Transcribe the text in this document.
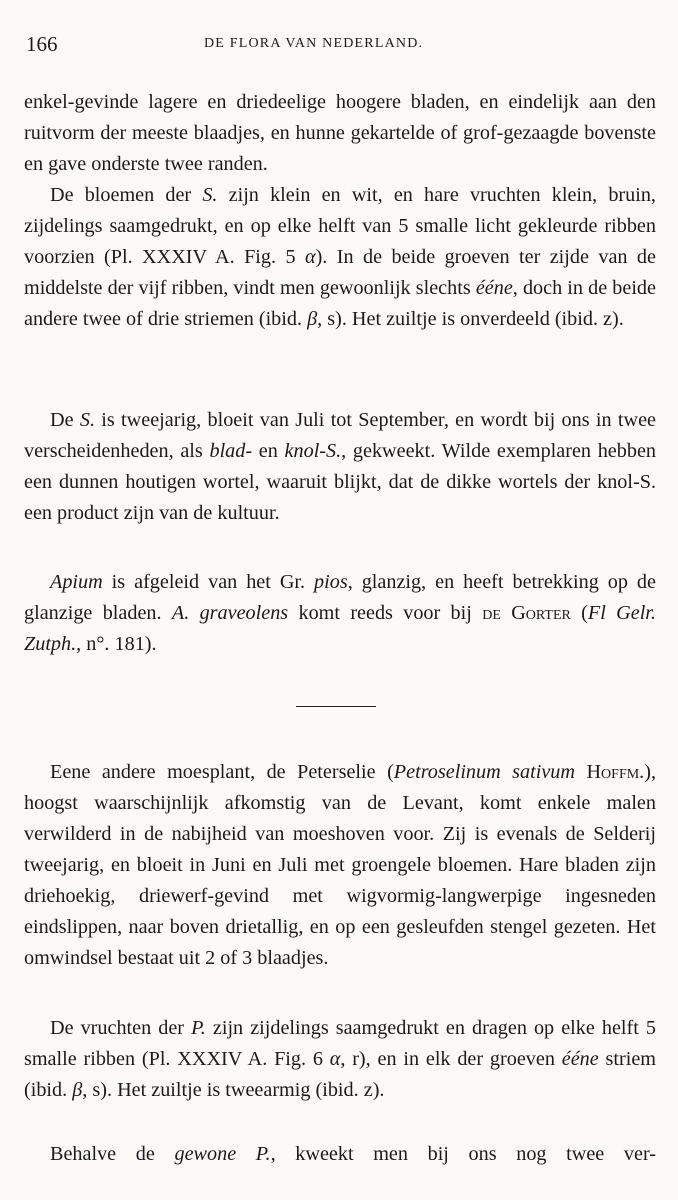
166	DE FLORA VAN NEDERLAND.

enkel-gevinde lagere en driedeelige hoogere bladen, en eindelijk aan den ruitvorm der meeste blaadjes, en hunne gekartelde of grof-gezaagde bovenste en gave onderste twee randen.

De bloemen der S. zijn klein en wit, en hare vruchten klein, bruin, zijdelings saamgedrukt, en op elke helft van 5 smalle licht gekleurde ribben voorzien (Pl. XXXIV A. Fig. 5 α). In de beide groeven ter zijde van de middelste der vijf ribben, vindt men gewoonlijk slechts éénе, doch in de beide andere twee of drie striemen (ibid. β, s). Het zuiltje is onverdeeld (ibid. z).

De S. is tweejarig, bloeit van Juli tot September, en wordt bij ons in twee verscheidenheden, als blad- en knol-S., gekweekt. Wilde exemplaren hebben een dunnen houtigen wortel, waaruit blijkt, dat de dikke wortels der knol-S. een product zijn van de kultuur.

Apium is afgeleid van het Gr. pios, glanzig, en heeft betrekking op de glanzige bladen. A. graveolens komt reeds voor bij de Gorter (Fl Gelr. Zutph., n°. 181).

Eene andere moesplant, de Peterselie (Petroselinum sativum Hoffm.), hoogst waarschijnlijk afkomstig van de Levant, komt enkele malen verwilderd in de nabijheid van moeshoven voor. Zij is evenals de Selderij tweejarig, en bloeit in Juni en Juli met groengele bloemen. Hare bladen zijn driehoekig, driewerf-gevind met wigvormig-langwerpige ingesneden eindslippen, naar boven drietallig, en op een gesleufden stengel gezeten. Het omwindsel bestaat uit 2 of 3 blaadjes.

De vruchten der P. zijn zijdelings saamgedrukt en dragen op elke helft 5 smalle ribben (Pl. XXXIV A. Fig. 6 α, r), en in elk der groeven éénе striem (ibid. β, s). Het zuiltje is tweearmig (ibid. z).

Behalve de gewone P., kweekt men bij ons nog twee ver-
